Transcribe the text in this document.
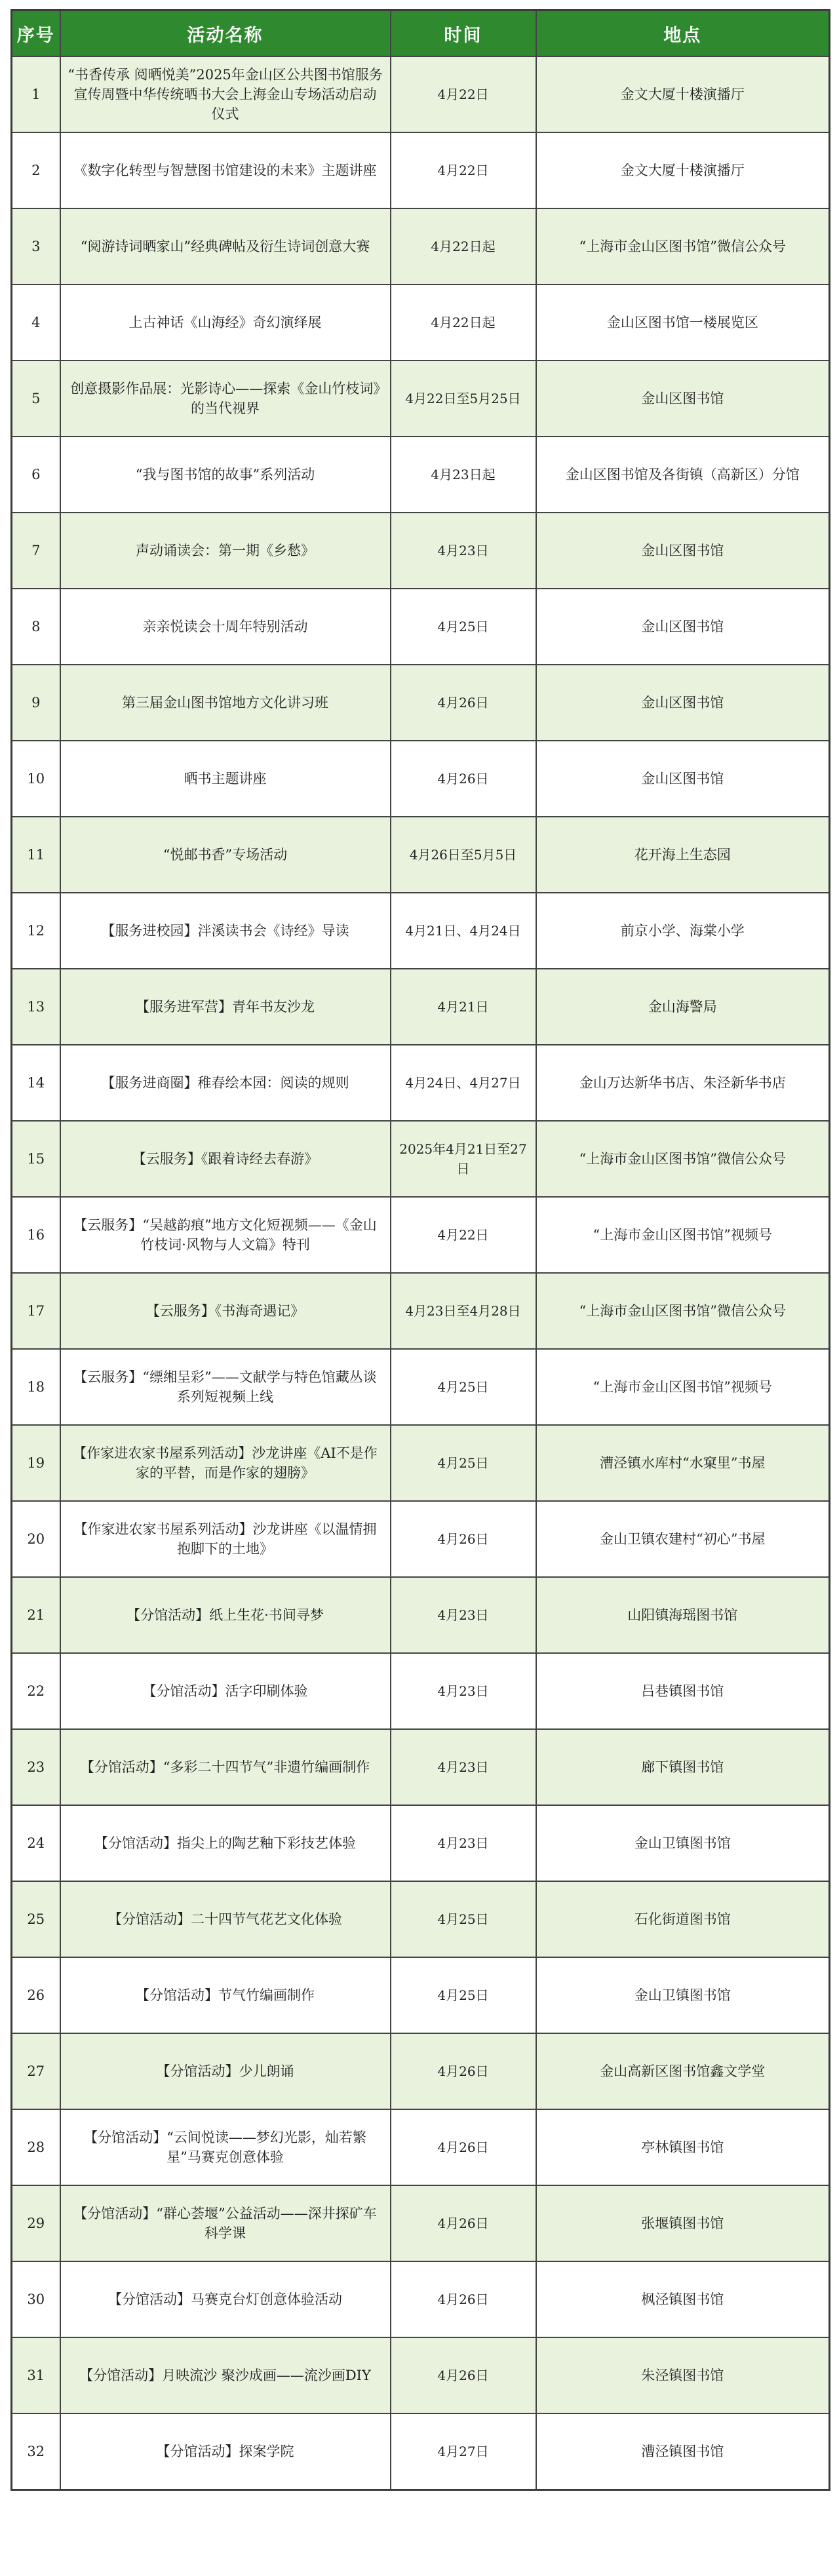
序号	活动名称	时间	地点
1	“书香传承 阅晒悦美”2025年金山区公共图书馆服务宣传周暨中华传统晒书大会上海金山专场活动启动仪式	4月22日	金文大厦十楼演播厅
2	《数字化转型与智慧图书馆建设的未来》主题讲座	4月22日	金文大厦十楼演播厅
3	“阅游诗词晒家山”经典碑帖及衍生诗词创意大赛	4月22日起	“上海市金山区图书馆”微信公众号
4	上古神话《山海经》奇幻演绎展	4月22日起	金山区图书馆一楼展览区
5	创意摄影作品展：光影诗心——探索《金山竹枝词》的当代视界	4月22日至5月25日	金山区图书馆
6	“我与图书馆的故事”系列活动	4月23日起	金山区图书馆及各街镇（高新区）分馆
7	声动诵读会：第一期《乡愁》	4月23日	金山区图书馆
8	亲亲悦读会十周年特别活动	4月25日	金山区图书馆
9	第三届金山图书馆地方文化讲习班	4月26日	金山区图书馆
10	晒书主题讲座	4月26日	金山区图书馆
11	“悦邮书香”专场活动	4月26日至5月5日	花开海上生态园
12	【服务进校园】泮溪读书会《诗经》导读	4月21日、4月24日	前京小学、海棠小学
13	【服务进军营】青年书友沙龙	4月21日	金山海警局
14	【服务进商圈】稚春绘本园：阅读的规则	4月24日、4月27日	金山万达新华书店、朱泾新华书店
15	【云服务】《跟着诗经去春游》	2025年4月21日至27日	“上海市金山区图书馆”微信公众号
16	【云服务】“吴越韵痕”地方文化短视频——《金山竹枝词·风物与人文篇》特刊	4月22日	“上海市金山区图书馆”视频号
17	【云服务】《书海奇遇记》	4月23日至4月28日	“上海市金山区图书馆”微信公众号
18	【云服务】“缥缃呈彩”——文献学与特色馆藏丛谈系列短视频上线	4月25日	“上海市金山区图书馆”视频号
19	【作家进农家书屋系列活动】沙龙讲座《AI不是作家的平替，而是作家的翅膀》	4月25日	漕泾镇水库村“水窠里”书屋
20	【作家进农家书屋系列活动】沙龙讲座《以温情拥抱脚下的土地》	4月26日	金山卫镇农建村“初心”书屋
21	【分馆活动】纸上生花·书间寻梦	4月23日	山阳镇海瑶图书馆
22	【分馆活动】活字印刷体验	4月23日	吕巷镇图书馆
23	【分馆活动】“多彩二十四节气”非遗竹编画制作	4月23日	廊下镇图书馆
24	【分馆活动】指尖上的陶艺釉下彩技艺体验	4月23日	金山卫镇图书馆
25	【分馆活动】二十四节气花艺文化体验	4月25日	石化街道图书馆
26	【分馆活动】节气竹编画制作	4月25日	金山卫镇图书馆
27	【分馆活动】少儿朗诵	4月26日	金山高新区图书馆鑫文学堂
28	【分馆活动】“云间悦读——梦幻光影，灿若繁星”马赛克创意体验	4月26日	亭林镇图书馆
29	【分馆活动】“群心荟堰”公益活动——深井探矿车科学课	4月26日	张堰镇图书馆
30	【分馆活动】马赛克台灯创意体验活动	4月26日	枫泾镇图书馆
31	【分馆活动】月映流沙 聚沙成画——流沙画DIY	4月26日	朱泾镇图书馆
32	【分馆活动】探案学院	4月27日	漕泾镇图书馆
